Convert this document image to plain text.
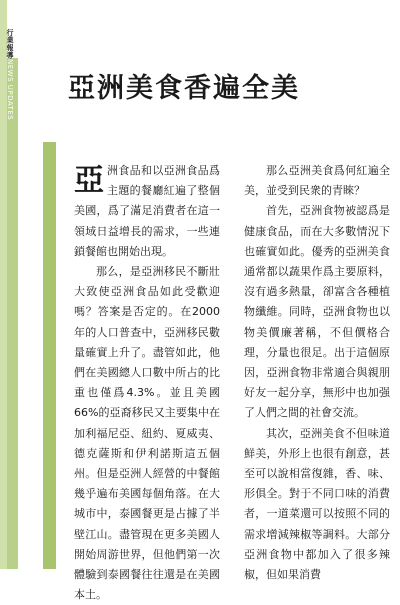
行業報導NEWS UPDATES 亞洲美食香遍全美

亞洲食品和以亞洲食品爲主題的餐廳紅遍了整個美國，爲了滿足消費者在這一領域日益增長的需求，一些連鎖餐館也開始出現。

那么，是亞洲移民不斷壯大致使亞洲食品如此受歡迎嗎？答案是否定的。在2000年的人口普查中，亞洲移民數量確實上升了。盡管如此，他們在美國總人口數中所占的比重也僅爲4.3%。並且美國66%的亞裔移民又主要集中在加利福尼亞、紐約、夏威夷、德克薩斯和伊利諾斯這五個州。但是亞洲人經營的中餐館幾乎遍布美國每個角落。在大城市中，泰國餐更是占據了半壁江山。盡管現在更多美國人開始周游世界，但他們第一次體驗到泰國餐往往還是在美國本土。

那么亞洲美食爲何紅遍全美，並受到民衆的青睞？

首先，亞洲食物被認爲是健康食品，而在大多數情況下也確實如此。優秀的亞洲美食通常都以蔬果作爲主要原料，沒有過多熱量，卻富含各種植物纖維。同時，亞洲食物也以物美價廉著稱，不但價格合理，分量也很足。出于這個原因，亞洲食物非常適合與親朋好友一起分享，無形中也加强了人們之間的社會交流。

其次，亞洲美食不但味道鮮美，外形上也很有創意，甚至可以說相當復雜，香、味、形俱全。對于不同口味的消費者，一道菜還可以按照不同的需求增減辣椒等調料。大部分亞洲食物中都加入了很多辣椒，但如果消費
